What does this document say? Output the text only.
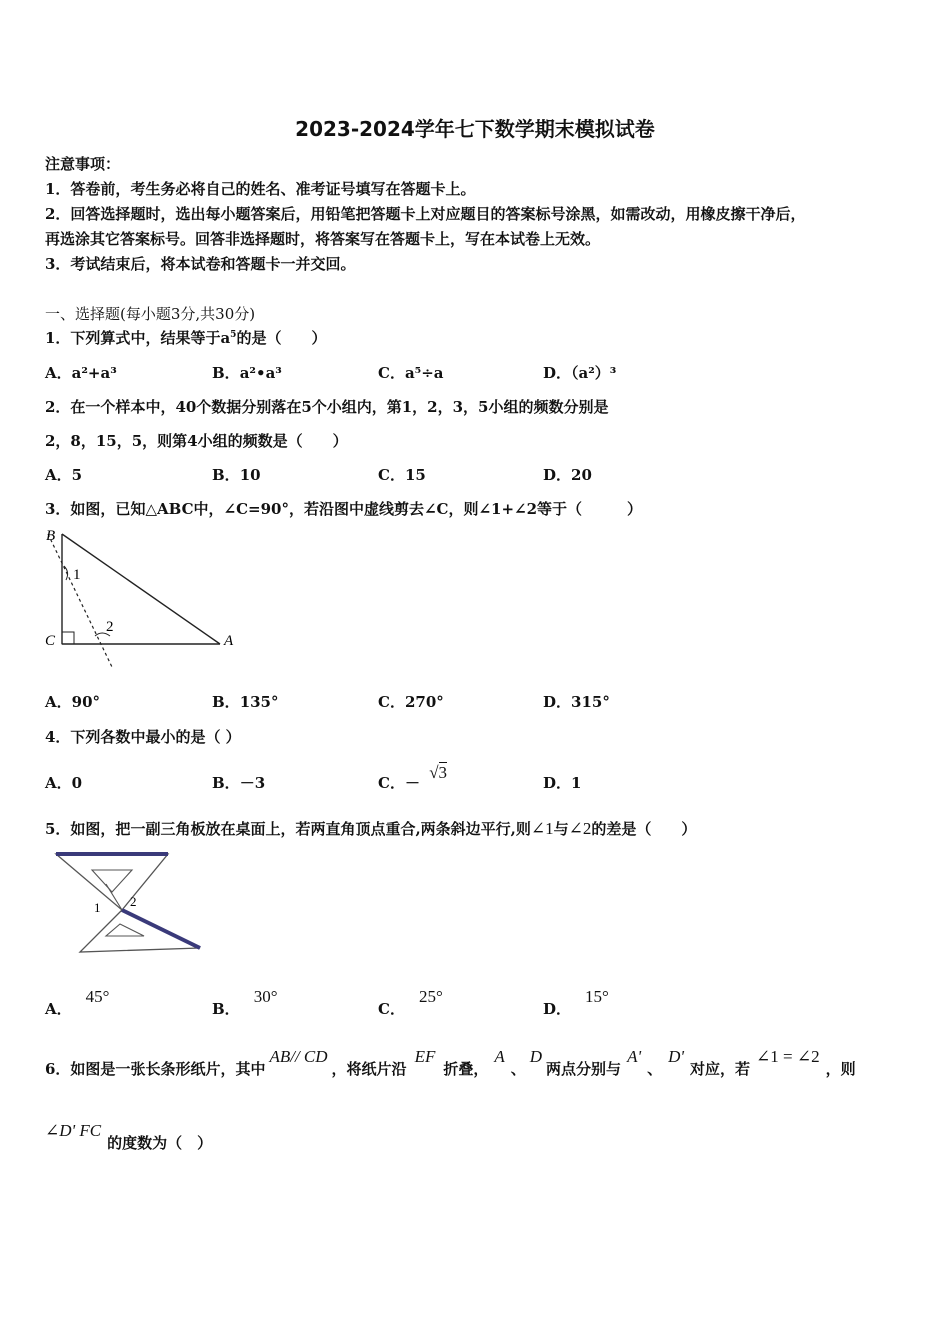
2023-2024学年七下数学期末模拟试卷
注意事项：
1．答卷前，考生务必将自己的姓名、准考证号填写在答题卡上。
2．回答选择题时，选出每小题答案后，用铅笔把答题卡上对应题目的答案标号涂黑，如需改动，用橡皮擦干净后，
再选涂其它答案标号。回答非选择题时，将答案写在答题卡上，写在本试卷上无效。
3．考试结束后，将本试卷和答题卡一并交回。
一、选择题(每小题3分,共30分)
1．下列算式中，结果等于$a^5$的是（　　）
A．a²+a³	B．a²•a³	C．a⁵÷a	D．（a²）³
2．在一个样本中，40个数据分别落在5个小组内，第1，2，3，5小组的频数分别是
2，8，15，5，则第4小组的频数是（　　）
A．5	B．10	C．15	D．20
3．如图，已知△ABC中，∠C=90°，若沿图中虚线剪去∠C，则∠1+∠2等于（　　　）
B
C	A
1
2
A．90°	B．135°	C．270°	D．315°
4．下列各数中最小的是（ ）
A．0	B．－3	C．－ √3
D．1
5．如图，把一副三角板放在桌面上，若两直角顶点重合,两条斜边平行,则∠1与∠2的差是（　　）
1 2
A．45°
B．30°
C．25°
D．15°
6．如图是一张长条形纸片，其中AB// CD，将纸片沿EF折叠，A、D两点分别与A'、D'对应，若∠1 = ∠2，则
∠D' FC的度数为（　）
